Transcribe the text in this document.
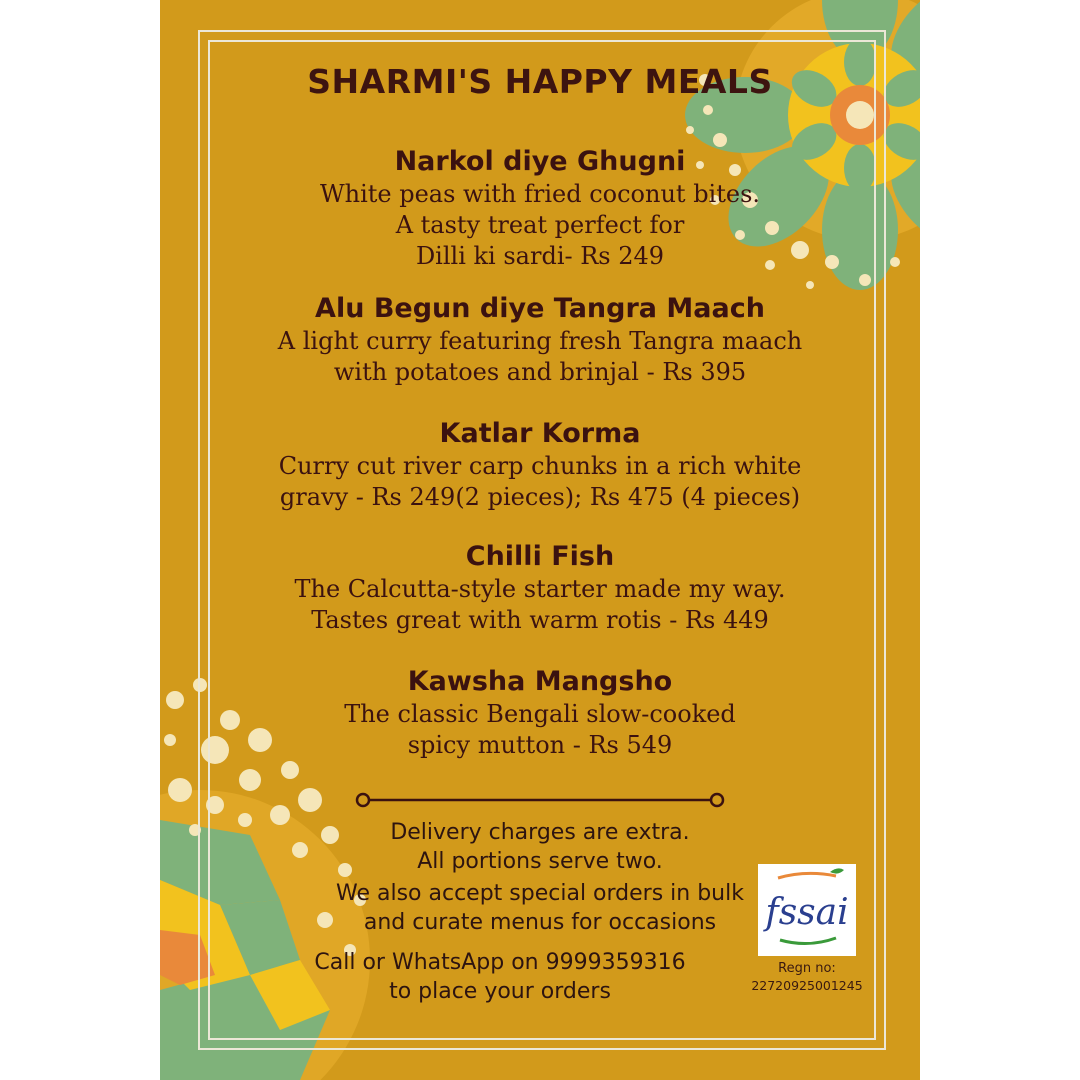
SHARMI'S HAPPY MEALS
Narkol diye Ghugni

White peas with fried coconut bites.
A tasty treat perfect for
Dilli ki sardi- Rs 249

Alu Begun diye Tangra Maach

A light curry featuring fresh Tangra maach
with potatoes and brinjal - Rs 395

Katlar Korma

Curry cut river carp chunks in a rich white
gravy - Rs 249(2 pieces); Rs 475 (4 pieces)

Chilli Fish

The Calcutta-style starter made my way.
Tastes great with warm rotis - Rs 449

Kawsha Mangsho

The classic Bengali slow-cooked
spicy mutton - Rs 549

Delivery charges are extra.
All portions serve two.
We also accept special orders in bulk
and curate menus for occasions
Call or WhatsApp on 9999359316
to place your orders
fssai
Regn no:
22720925001245
